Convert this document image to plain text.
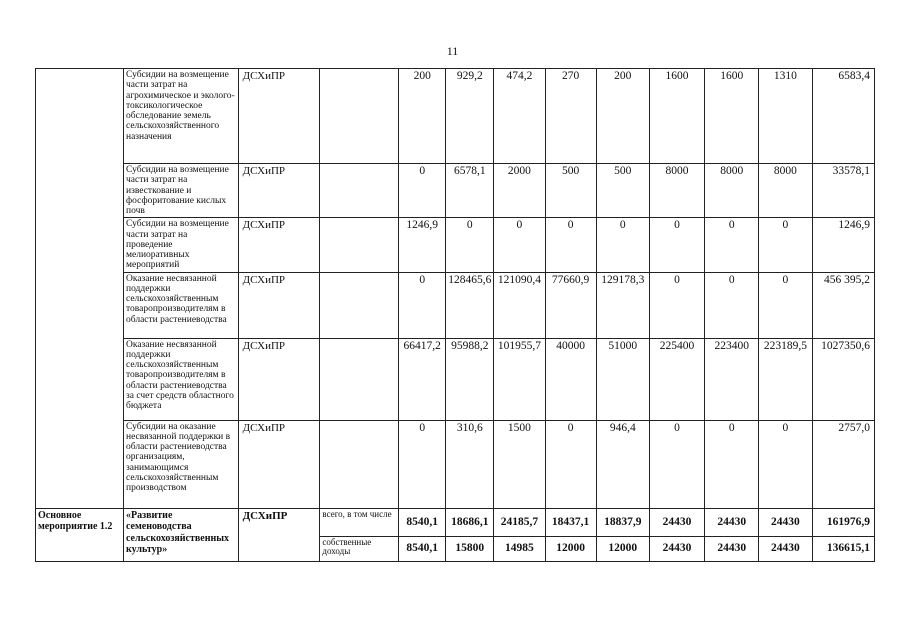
11
	Субсидии на возмещение части затрат на агрохимическое и эколого-токсикологическое обследование земель сельскохозяйственного назначения	ДСХиПР		200	929,2	474,2	270	200	1600	1600	1310	6583,4
	Субсидии на возмещение части затрат на известкование и фосфоритование кислых почв	ДСХиПР		0	6578,1	2000	500	500	8000	8000	8000	33578,1
	Субсидии на возмещение части затрат на проведение мелиоративных мероприятий	ДСХиПР		1246,9	0	0	0	0	0	0	0	1246,9
	Оказание несвязанной поддержки сельскохозяйственным товаропроизводителям в области растениеводства	ДСХиПР		0	128465,6	121090,4	77660,9	129178,3	0	0	0	456 395,2
	Оказание несвязанной поддержки сельскохозяйственным товаропроизводителям в области растениеводства за счет средств областного бюджета	ДСХиПР		66417,2	95988,2	101955,7	40000	51000	225400	223400	223189,5	1027350,6
	Субсидии на оказание несвязанной поддержки в области растениеводства организациям, занимающимся сельскохозяйственным производством	ДСХиПР		0	310,6	1500	0	946,4	0	0	0	2757,0
Основное мероприятие 1.2	«Развитие семеноводства сельскохозяйственных культур»	ДСХиПР	всего, в том числе	8540,1	18686,1	24185,7	18437,1	18837,9	24430	24430	24430	161976,9
			собственные доходы	8540,1	15800	14985	12000	12000	24430	24430	24430	136615,1
